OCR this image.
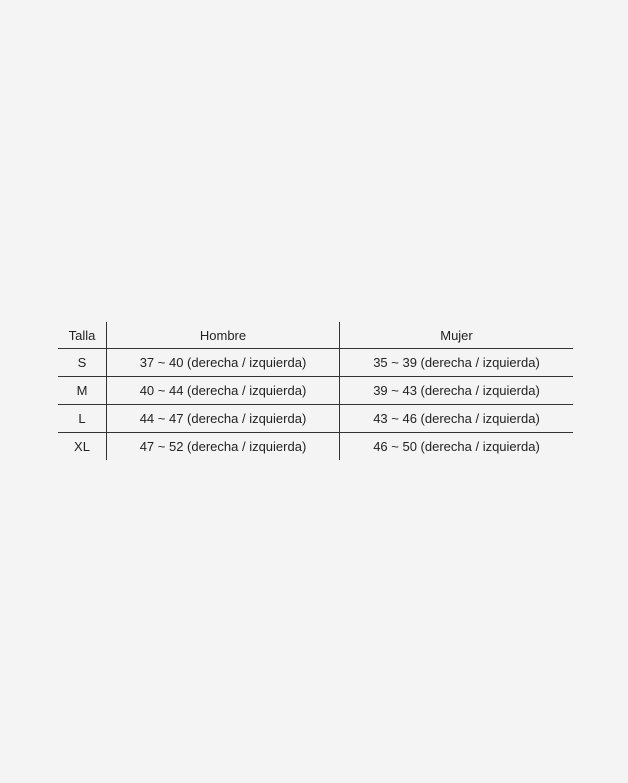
Talla	Hombre	Mujer
S	37 ~ 40 (derecha / izquierda)	35 ~ 39 (derecha / izquierda)
M	40 ~ 44 (derecha / izquierda)	39 ~ 43 (derecha / izquierda)
L	44 ~ 47 (derecha / izquierda)	43 ~ 46 (derecha / izquierda)
XL	47 ~ 52 (derecha / izquierda)	46 ~ 50 (derecha / izquierda)
